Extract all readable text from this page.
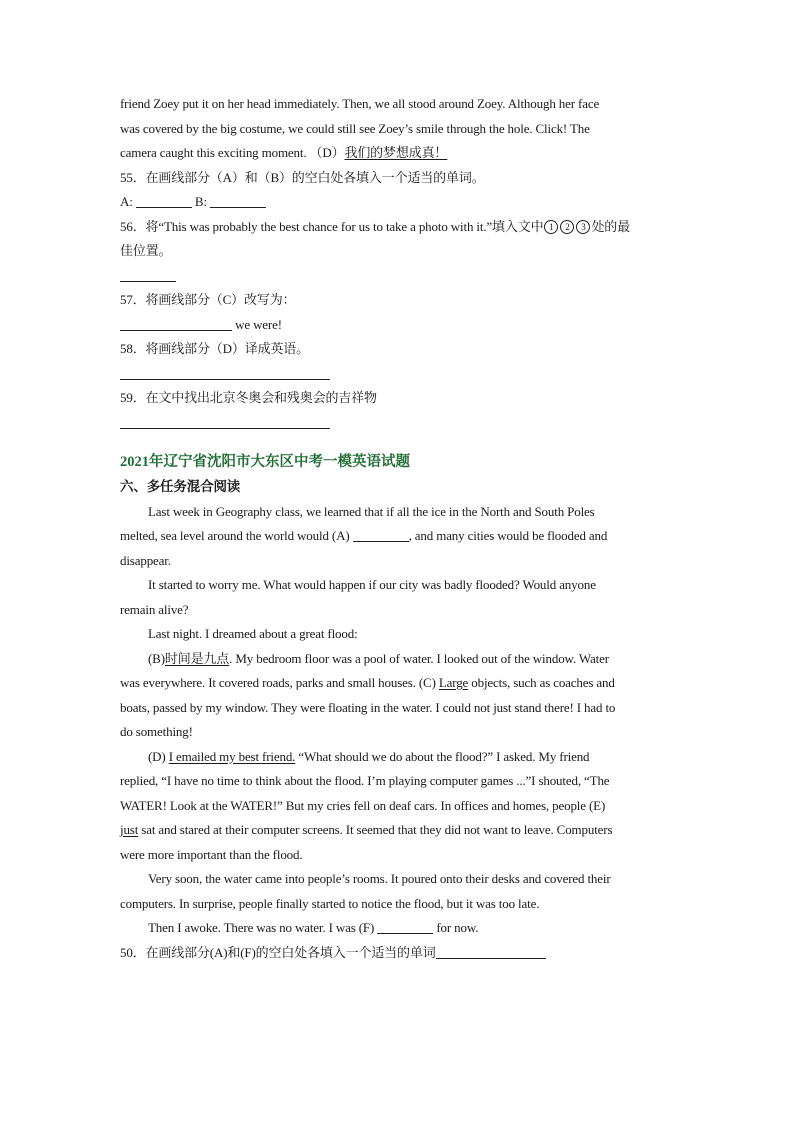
friend Zoey put it on her head immediately. Then, we all stood around Zoey. Although her face
was covered by the big costume, we could still see Zoey’s smile through the hole. Click! The
camera caught this exciting moment. （D）我们的梦想成真！
55．在画线部分（A）和（B）的空白处各填入一个适当的单词。
A:	B:
56．将“This was probably the best chance for us to take a photo with it.”填入文中 1 2 3 处的最
佳位置。
57．将画线部分（C）改写为：
we were!
58．将画线部分（D）译成英语。
59．在文中找出北京冬奥会和残奥会的吉祥物
2021年辽宁省沈阳市大东区中考一模英语试题
六、多任务混合阅读
Last week in Geography class, we learned that if all the ice in the North and South Poles
melted, sea level around the world would (A)	, and many cities would be flooded and
disappear.
It started to worry me. What would happen if our city was badly flooded? Would anyone
remain alive?
Last night. I dreamed about a great flood:
(B)时间是九点. My bedroom floor was a pool of water. I looked out of the window. Water
was everywhere. It covered roads, parks and small houses. (C) Large objects, such as coaches and
boats, passed by my window. They were floating in the water. I could not just stand there! I had to
do something!
(D) I emailed my best friend. “What should we do about the flood?” I asked. My friend
replied, “I have no time to think about the flood. I’m playing computer games ...”I shouted, “The
WATER! Look at the WATER!” But my cries fell on deaf cars. In offices and homes, people (E)
just sat and stared at their computer screens. It seemed that they did not want to leave. Computers
were more important than the flood.
Very soon, the water came into people’s rooms. It poured onto their desks and covered their
computers. In surprise, people finally started to notice the flood, but it was too late.
Then I awoke. There was no water. I was (F)	for now.
50．在画线部分(A)和(F)的空白处各填入一个适当的单词
